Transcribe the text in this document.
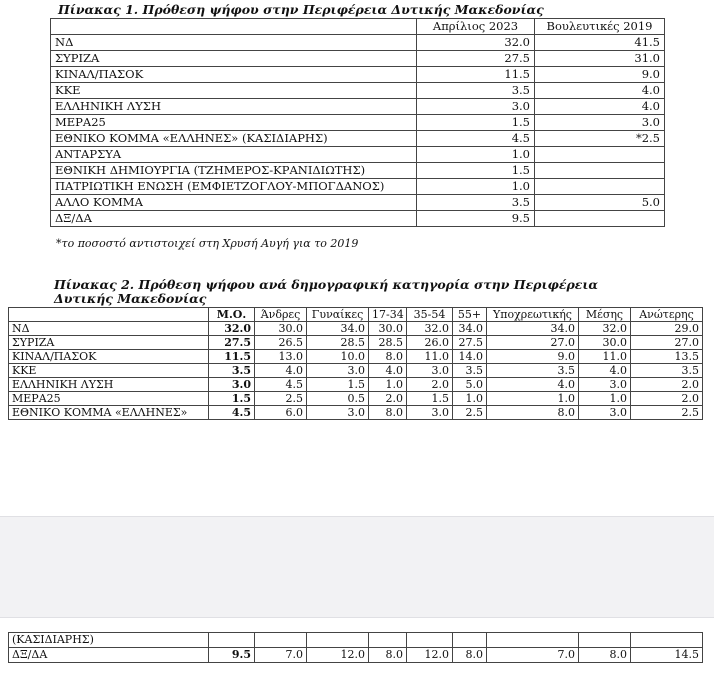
Πίνακας 1. Πρόθεση ψήφου στην Περιφέρεια Δυτικής Μακεδονίας
	Απρίλιος 2023	Βουλευτικές 2019
ΝΔ	32.0	41.5
ΣΥΡΙΖΑ	27.5	31.0
ΚΙΝΑΛ/ΠΑΣΟΚ	11.5	9.0
ΚΚΕ	3.5	4.0
ΕΛΛΗΝΙΚΗ ΛΥΣΗ	3.0	4.0
ΜΕΡΑ25	1.5	3.0
ΕΘΝΙΚΟ ΚΟΜΜΑ «ΕΛΛΗΝΕΣ» (ΚΑΣΙΔΙΑΡΗΣ)	4.5	*2.5
ΑΝΤΑΡΣΥΑ	1.0	
ΕΘΝΙΚΗ ΔΗΜΙΟΥΡΓΙΑ (ΤΖΗΜΕΡΟΣ-ΚΡΑΝΙΔΙΩΤΗΣ)	1.5	
ΠΑΤΡΙΩΤΙΚΗ ΕΝΩΣΗ (ΕΜΦΙΕΤΖΟΓΛΟΥ-ΜΠΟΓΔΑΝΟΣ)	1.0	
ΑΛΛΟ ΚΟΜΜΑ	3.5	5.0
ΔΞ/ΔΑ	9.5	
*το ποσοστό αντιστοιχεί στη Χρυσή Αυγή για το 2019
Πίνακας 2. Πρόθεση ψήφου ανά δημογραφική κατηγορία στην Περιφέρεια Δυτικής Μακεδονίας
	Μ.Ο.	Άνδρες	Γυναίκες	17-34	35-54	55+	Υποχρεωτικής	Μέσης	Ανώτερης
ΝΔ	32.0	30.0	34.0	30.0	32.0	34.0	34.0	32.0	29.0
ΣΥΡΙΖΑ	27.5	26.5	28.5	28.5	26.0	27.5	27.0	30.0	27.0
ΚΙΝΑΛ/ΠΑΣΟΚ	11.5	13.0	10.0	8.0	11.0	14.0	9.0	11.0	13.5
ΚΚΕ	3.5	4.0	3.0	4.0	3.0	3.5	3.5	4.0	3.5
ΕΛΛΗΝΙΚΗ ΛΥΣΗ	3.0	4.5	1.5	1.0	2.0	5.0	4.0	3.0	2.0
ΜΕΡΑ25	1.5	2.5	0.5	2.0	1.5	1.0	1.0	1.0	2.0
ΕΘΝΙΚΟ ΚΟΜΜΑ «ΕΛΛΗΝΕΣ»	4.5	6.0	3.0	8.0	3.0	2.5	8.0	3.0	2.5
(ΚΑΣΙΔΙΑΡΗΣ)									
ΔΞ/ΔΑ	9.5	7.0	12.0	8.0	12.0	8.0	7.0	8.0	14.5
